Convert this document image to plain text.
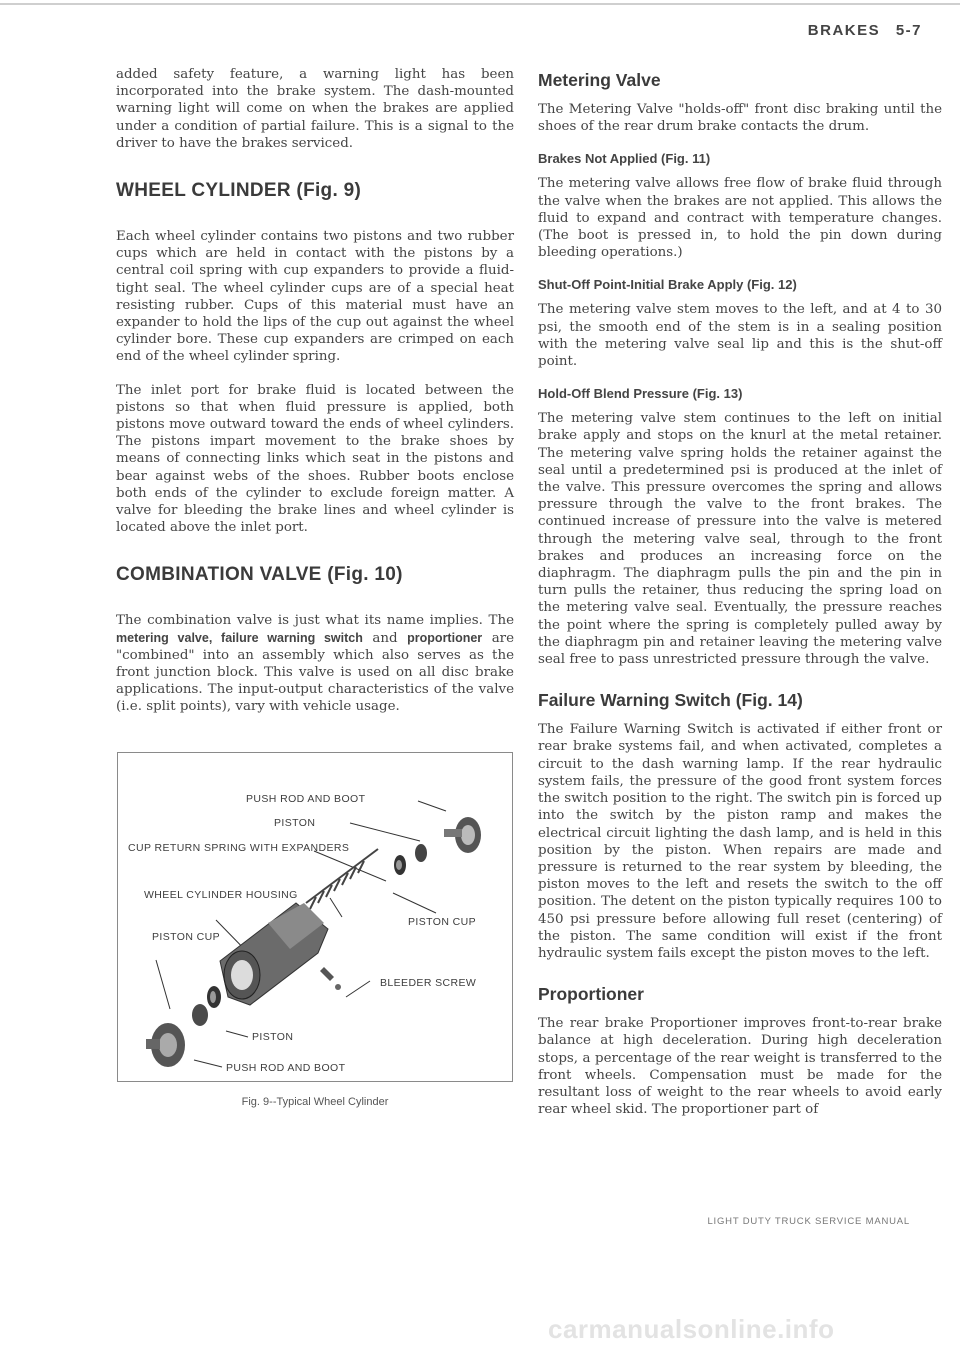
BRAKES 5-7

added safety feature, a warning light has been incorporated into the brake system. The dash-mounted warning light will come on when the brakes are applied under a condition of partial failure. This is a signal to the driver to have the brakes serviced.

WHEEL CYLINDER (Fig. 9)

Each wheel cylinder contains two pistons and two rubber cups which are held in contact with the pistons by a central coil spring with cup expanders to provide a fluid-tight seal. The wheel cylinder cups are of a special heat resisting rubber. Cups of this material must have an expander to hold the lips of the cup out against the wheel cylinder bore. These cup expanders are crimped on each end of the wheel cylinder spring.

The inlet port for brake fluid is located between the pistons so that when fluid pressure is applied, both pistons move outward toward the ends of wheel cylinders. The pistons impart movement to the brake shoes by means of connecting links which seat in the pistons and bear against webs of the shoes. Rubber boots enclose both ends of the cylinder to exclude foreign matter. A valve for bleeding the brake lines and wheel cylinder is located above the inlet port.

COMBINATION VALVE (Fig. 10)

The combination valve is just what its name implies. The metering valve, failure warning switch and proportioner are "combined" into an assembly which also serves as the front junction block. This valve is used on all disc brake applications. The input-output characteristics of the valve (i.e. split points), vary with vehicle usage.

PUSH ROD AND BOOT
PISTON
CUP RETURN SPRING WITH EXPANDERS
WHEEL CYLINDER HOUSING
PISTON CUP
PISTON CUP
BLEEDER SCREW
PISTON
PUSH ROD AND BOOT
Fig. 9--Typical Wheel Cylinder
Metering Valve

The Metering Valve "holds-off" front disc braking until the shoes of the rear drum brake contacts the drum.

Brakes Not Applied (Fig. 11)

The metering valve allows free flow of brake fluid through the valve when the brakes are not applied. This allows the fluid to expand and contract with temperature changes. (The boot is pressed in, to hold the pin down during bleeding operations.)

Shut-Off Point-Initial Brake Apply (Fig. 12)

The metering valve stem moves to the left, and at 4 to 30 psi, the smooth end of the stem is in a sealing position with the metering valve seal lip and this is the shut-off point.

Hold-Off Blend Pressure (Fig. 13)

The metering valve stem continues to the left on initial brake apply and stops on the knurl at the metal retainer. The metering valve spring holds the retainer against the seal until a predetermined psi is produced at the inlet of the valve. This pressure overcomes the spring and allows pressure through the valve to the front brakes. The continued increase of pressure into the valve is metered through the metering valve seal, through to the front brakes and produces an increasing force on the diaphragm. The diaphragm pulls the pin and the pin in turn pulls the retainer, thus reducing the spring load on the metering valve seal. Eventually, the pressure reaches the point where the spring is completely pulled away by the diaphragm pin and retainer leaving the metering valve seal free to pass unrestricted pressure through the valve.

Failure Warning Switch (Fig. 14)

The Failure Warning Switch is activated if either front or rear brake systems fail, and when activated, completes a circuit to the dash warning lamp. If the rear hydraulic system fails, the pressure of the good front system forces the switch position to the right. The switch pin is forced up into the switch by the piston ramp and makes the electrical circuit lighting the dash lamp, and is held in this position by the piston. When repairs are made and pressure is returned to the rear system by bleeding, the piston moves to the left and resets the switch to the off position. The detent on the piston typically requires 100 to 450 psi pressure before allowing full reset (centering) of the piston. The same condition will exist if the front hydraulic system fails except the piston moves to the left.

Proportioner

The rear brake Proportioner improves front-to-rear brake balance at high deceleration. During high deceleration stops, a percentage of the rear weight is transferred to the front wheels. Compensation must be made for the resultant loss of weight to the rear wheels to avoid early rear wheel skid. The proportioner part of

LIGHT DUTY TRUCK SERVICE MANUAL
carmanualsonline.info
